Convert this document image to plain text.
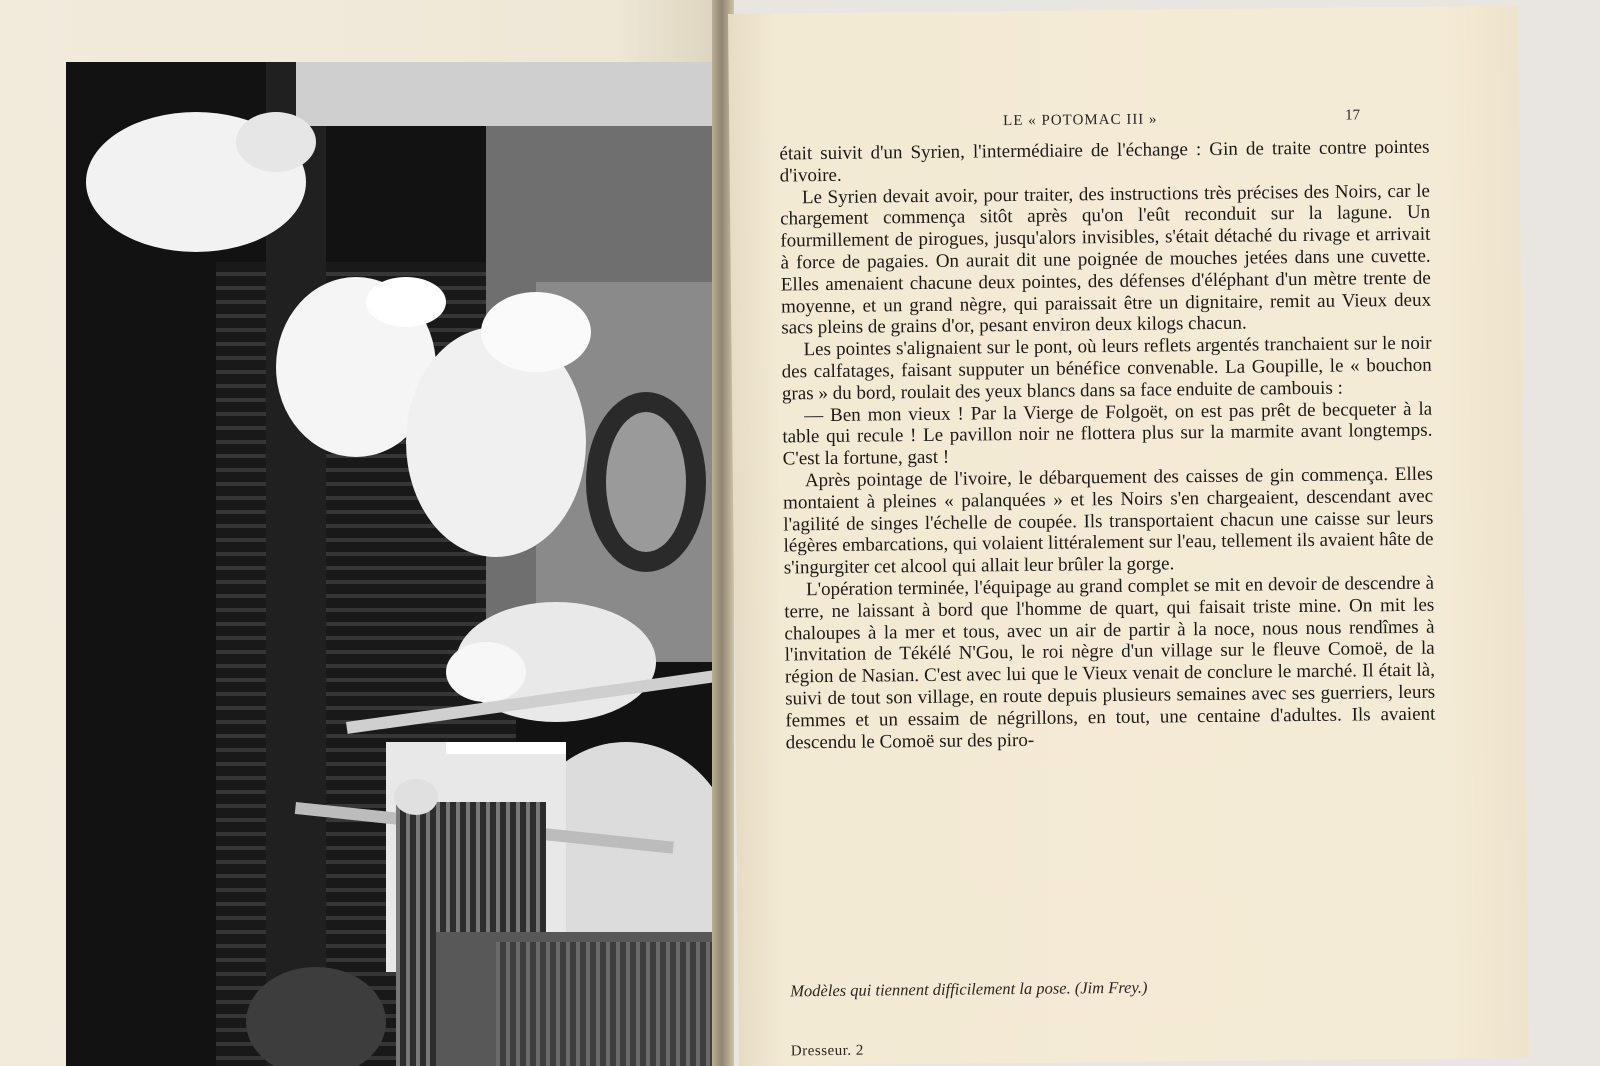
LE « POTOMAC III »	17

était suivit d'un Syrien, l'intermédiaire de l'échange : Gin de traite contre pointes d'ivoire.

Le Syrien devait avoir, pour traiter, des instructions très précises des Noirs, car le chargement commença sitôt après qu'on l'eût reconduit sur la lagune. Un fourmillement de pirogues, jusqu'alors invisibles, s'était détaché du rivage et arrivait à force de pagaies. On aurait dit une poignée de mouches jetées dans une cuvette. Elles amenaient chacune deux pointes, des défenses d'éléphant d'un mètre trente de moyenne, et un grand nègre, qui paraissait être un dignitaire, remit au Vieux deux sacs pleins de grains d'or, pesant environ deux kilogs chacun.

Les pointes s'alignaient sur le pont, où leurs reflets argentés tranchaient sur le noir des calfatages, faisant supputer un bénéfice convenable. La Goupille, le « bouchon gras » du bord, roulait des yeux blancs dans sa face enduite de cambouis :

— Ben mon vieux ! Par la Vierge de Folgoët, on est pas prêt de becqueter à la table qui recule ! Le pavillon noir ne flottera plus sur la marmite avant longtemps. C'est la fortune, gast !

Après pointage de l'ivoire, le débarquement des caisses de gin commença. Elles montaient à pleines « palanquées » et les Noirs s'en chargeaient, descendant avec l'agilité de singes l'échelle de coupée. Ils transportaient chacun une caisse sur leurs légères embarcations, qui volaient littéralement sur l'eau, tellement ils avaient hâte de s'ingurgiter cet alcool qui allait leur brûler la gorge.

L'opération terminée, l'équipage au grand complet se mit en devoir de descendre à terre, ne laissant à bord que l'homme de quart, qui faisait triste mine. On mit les chaloupes à la mer et tous, avec un air de partir à la noce, nous nous rendîmes à l'invitation de Tékélé N'Gou, le roi nègre d'un village sur le fleuve Comoë, de la région de Nasian. C'est avec lui que le Vieux venait de conclure le marché. Il était là, suivi de tout son village, en route depuis plusieurs semaines avec ses guerriers, leurs femmes et un essaim de négrillons, en tout, une centaine d'adultes. Ils avaient descendu le Comoë sur des piro-

Modèles qui tiennent difficilement la pose. (Jim Frey.)
Dresseur. 2
